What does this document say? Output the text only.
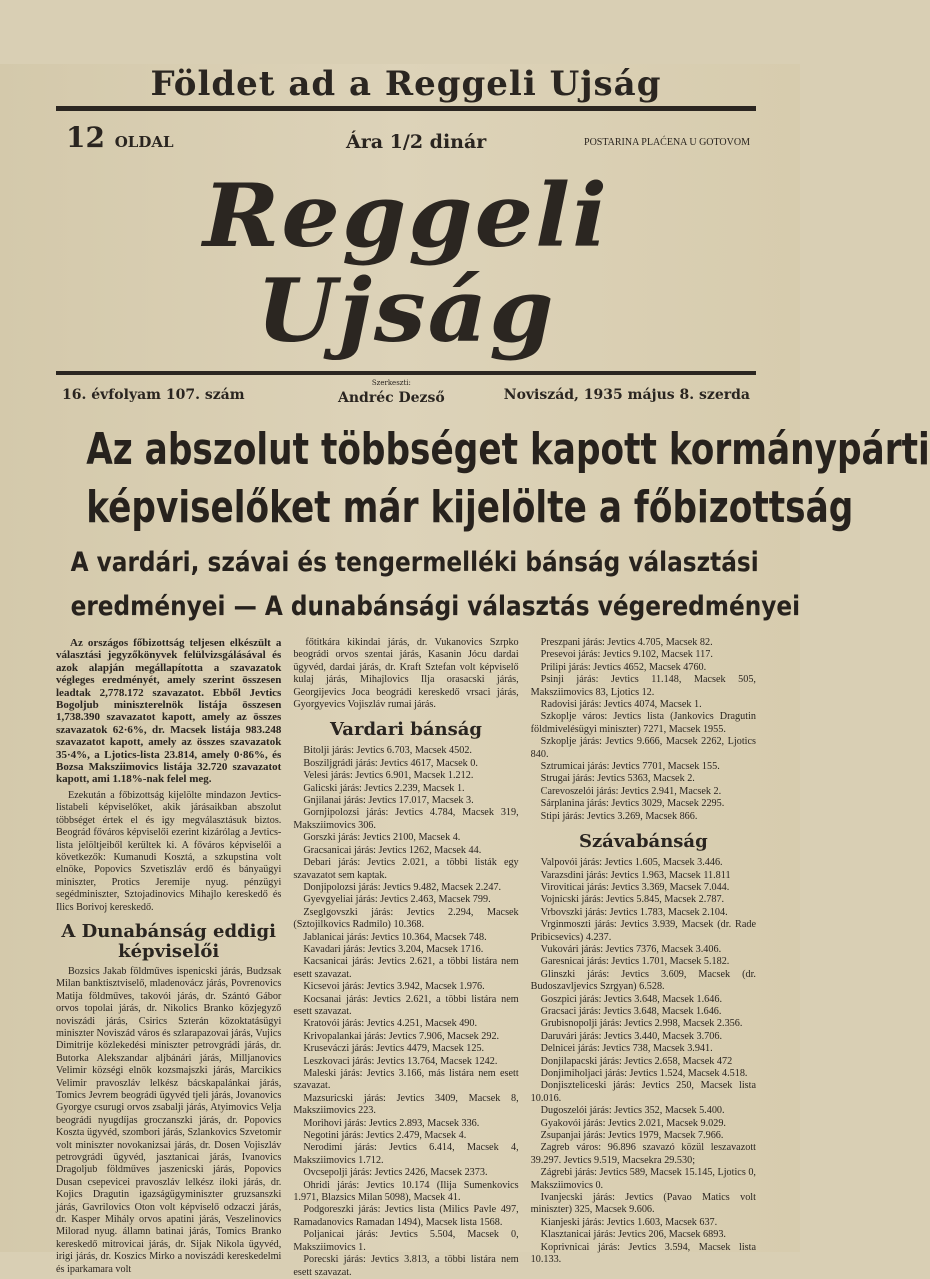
Földet ad a Reggeli Ujság
12 OLDAL	Ára 1/2 dinár	POSTARINA PLAĆENA U GOTOVOM
Reggeli Ujság
16. évfolyam 107. szám
Szerkeszti:
Andréc Dezső	Noviszád, 1935 május 8. szerda
Az abszolut többséget kapott kormánypárti
képviselőket már kijelölte a főbizottság
A vardári, szávai és tengermelléki bánság választási
eredményei — A dunabánsági választás végeredményei

Az országos főbizottság teljesen elkészült a választási jegyzőkönyvek felülvizsgálásával és azok alapján megállapította a szavazatok végleges eredményét, amely szerint összesen leadtak 2,778.172 szavazatot. Ebből Jevtics Bogoljub miniszterelnök listája összesen 1,738.390 szavazatot kapott, amely az összes szavazatok 62·6%, dr. Macsek listája 983.248 szavazatot kapott, amely az összes szavazatok 35·4%, a Ljotics-lista 23.814, amely 0·86%, és Bozsa Maksziimovics listája 32.720 szavazatot kapott, ami 1.18%-nak felel meg.

Ezekután a főbizottság kijelölte mindazon Jevtics-listabeli képviselőket, akik járásaikban abszolut többséget értek el és igy megválasztásuk biztos. Beográd főváros képviselői ezerint kizárólag a Jevtics-lista jelöltjeiből kerültek ki. A főváros képviselői a következők: Kumanudi Kosztá, a szkupstina volt elnöke, Popovics Szvetiszláv erdő és bányaügyi miniszter, Protics Jeremije nyug. pénzügyi segédminiszter, Sztojadinovics Mihajlo kereskedő és Ilics Borivoj kereskedő.

A Dunabánság eddigi
képviselői

Bozsics Jakab földműves ispenicski járás, Budzsak Milan banktisztviselő, mladenovácz járás, Povrenovics Matija földműves, takovói járás, dr. Szántó Gábor orvos topolai járás, dr. Nikolics Branko közjegyző noviszádi járás, Csirics Szterán közoktatásügyi miniszter Noviszád város és szlarapazovai járás, Vujics Dimitrije közlekedési miniszter petrovgrádi járás, dr. Butorka Alekszandar aljbánári járás, Milljanovics Velimir községi elnök kozsmajszki járás, Marcikics Velimir pravoszláv lelkész bácskapalánkai járás, Tomics Jevrem beográdi ügyvéd tjeli járás, Jovanovics Gyorgye csurugi orvos zsabalji járás, Atyimovics Velja beográdi nyugdíjas groczanszki járás, dr. Popovics Koszta ügyvéd, szombori járás, Szlankovics Szvetomir volt miniszter novokanizsai járás, dr. Dosen Vojiszláv petrovgrádi ügyvéd, jasztanicai járás, Ivanovics Dragoljub földműves jaszenicski járás, Popovics Dusan csepevicei pravoszláv lelkész iloki járás, dr. Kojics Dragutin igazságügyminiszter gruzsanszki járás, Gavrilovics Oton volt képviselő odzaczi járás, dr. Kasper Mihály orvos apatini járás, Veszelinovics Milorad nyug. államn batinai járás, Tomics Branko kereskedő mitrovicai járás, dr. Sijak Nikola ügyvéd, irigi járás, dr. Koszics Mirko a noviszádi kereskedelmi és iparkamara volt

főtitkára kikindai járás, dr. Vukanovics Szrpko beográdi orvos szentai járás, Kasanin Jócu dardai ügyvéd, dardai járás, dr. Kraft Sztefan volt képviselő kulaj járás, Mihajlovics Ilja orasacski járás, Georgijevics Joca beográdi kereskedő vrsaci járás, Gyorgyevics Vojiszláv rumai járás.

Vardari bánság

Bitolji járás: Jevtics 6.703, Macsek 4502.

Bosziljgrádi járás: Jevtics 4617, Macsek 0.

Velesi járás: Jevtics 6.901, Macsek 1.212.

Galicski járás: Jevtics 2.239, Macsek 1.

Gnjilanai járás: Jevtics 17.017, Macsek 3.

Gornjipolozsi járás: Jevtics 4.784, Macsek 319, Maksziimovics 306.

Gorszki járás: Jevtics 2100, Macsek 4.

Gracsanicai járás: Jevtics 1262, Macsek 44.

Debari járás: Jevtics 2.021, a többi listák egy szavazatot sem kaptak.

Donjipolozsi járás: Jevtics 9.482, Macsek 2.247.

Gyevgyeliai járás: Jevtics 2.463, Macsek 799.

Zseglgovszki járás: Jevtics 2.294, Macsek (Sztojilkovics Radmilo) 10.368.

Jablanicai járás: Jevtics 10.364, Macsek 748.

Kavadari járás: Jevtics 3.204, Macsek 1716.

Kacsanicai járás: Jevtics 2.621, a többi listára nem esett szavazat.

Kicsevoi járás: Jevtics 3.942, Macsek 1.976.

Kocsanai járás: Jevtics 2.621, a többi listára nem esett szavazat.

Kratovói járás: Jevtics 4.251, Macsek 490.

Krivopalankai járás: Jevtics 7.906, Macsek 292.

Kruseváczi járás: Jevtics 4479, Macsek 125.

Leszkovaci járás: Jevtics 13.764, Macsek 1242.

Maleski járás: Jevtics 3.166, más listára nem esett szavazat.

Mazsuricski járás: Jevtics 3409, Macsek 8, Maksziimovics 223.

Morihovi járás: Jevtics 2.893, Macsek 336.

Negotini járás: Jevtics 2.479, Macsek 4.

Nerodimi járás: Jevtics 6.414, Macsek 4, Maksziimovics 1.712.

Ovcsepolji járás: Jevtics 2426, Macsek 2373.

Ohridi járás: Jevtics 10.174 (Ilija Sumenkovics 1.971, Blazsics Milan 5098), Macsek 41.

Podgoreszki járás: Jevtics lista (Milics Pavle 497, Ramadanovics Ramadan 1494), Macsek lista 1568.

Poljanicai járás: Jevtics 5.504, Macsek 0, Maksziimovics 1.

Porecski járás: Jevtics 3.813, a többi listára nem esett szavazat.

Preszpani járás: Jevtics 4.705, Macsek 82.

Presevoi járás: Jevtics 9.102, Macsek 117.

Prilipi járás: Jevtics 4652, Macsek 4760.

Psinji járás: Jevtics 11.148, Macsek 505, Maksziimovics 83, Ljotics 12.

Radovisi járás: Jevtics 4074, Macsek 1.

Szkoplje város: Jevtics lista (Jankovics Dragutin földmivelésügyi miniszter) 7271, Macsek 1955.

Szkoplje járás: Jevtics 9.666, Macsek 2262, Ljotics 840.

Sztrumicai járás: Jevtics 7701, Macsek 155.

Strugai járás: Jevtics 5363, Macsek 2.

Carevoszelói járás: Jevtics 2.941, Macsek 2.

Sárplanina járás: Jevtics 3029, Macsek 2295.

Stipi járás: Jevtics 3.269, Macsek 866.

Szávabánság

Valpovói járás: Jevtics 1.605, Macsek 3.446.

Varazsdini járás: Jevtics 1.963, Macsek 11.811

Viroviticai járás: Jevtics 3.369, Macsek 7.044.

Vojnicski járás: Jevtics 5.845, Macsek 2.787.

Vrbovszki járás: Jevtics 1.783, Macsek 2.104.

Vrginmoszti járás: Jevtics 3.939, Macsek (dr. Rade Pribicsevics) 4.237.

Vukovári járás: Jevtics 7376, Macsek 3.406.

Garesnicai járás: Jevtics 1.701, Macsek 5.182.

Glinszki járás: Jevtics 3.609, Macsek (dr. Budoszavljevics Szrgyan) 6.528.

Goszpici járás: Jevtics 3.648, Macsek 1.646.

Gracsaci járás: Jevtics 3.648, Macsek 1.646.

Grubisnopolji járás: Jevtics 2.998, Macsek 2.356.

Daruvári járás: Jevtics 3.440, Macsek 3.706.

Delnicei járás: Jevtics 738, Macsek 3.941.

Donjilapacski járás: Jevtics 2.658, Macsek 472

Donjimiholjaci járás: Jevtics 1.524, Macsek 4.518.

Donjiszteliceski járás: Jevtics 250, Macsek lista 10.016.

Dugoszelói járás: Jevtics 352, Macsek 5.400.

Gyakovói járás: Jevtics 2.021, Macsek 9.029.

Zsupanjai járás: Jevtics 1979, Macsek 7.966.

Zagreb város: 96.896 szavazó közül leszavazott 39.297. Jevtics 9.519, Macsekra 29.530;

Zágrebi járás: Jevtics 589, Macsek 15.145, Ljotics 0, Maksziimovics 0.

Ivanjecski járás: Jevtics (Pavao Matics volt miniszter) 325, Macsek 9.606.

Kianjeski járás: Jevtics 1.603, Macsek 637.

Klasztanicai járás: Jevtics 206, Macsek 6893.

Koprivnicai járás: Jevtics 3.594, Macsek lista 10.133.
